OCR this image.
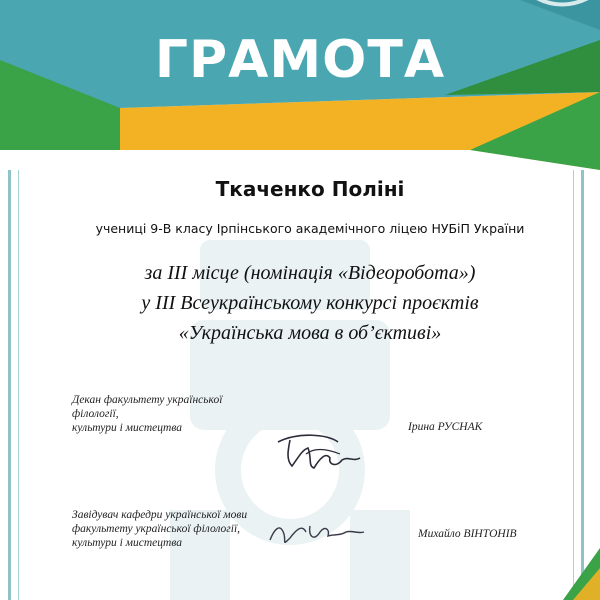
ГРАМОТА
Ткаченко Поліні
учениці 9-В класу Ірпінського академічного ліцею НУБіП України
за ІІІ місце (номінація «Відеоробота»)
у ІІІ Всеукраїнському конкурсі проєктів
«Українська мова в об’єктиві»
Декан факультету української
філології,
культури і мистецтва	Ірина РУСНАК
Завідувач кафедри української мови
факультету української філології,
культури і мистецтва
Михайло ВІНТОНІВ
